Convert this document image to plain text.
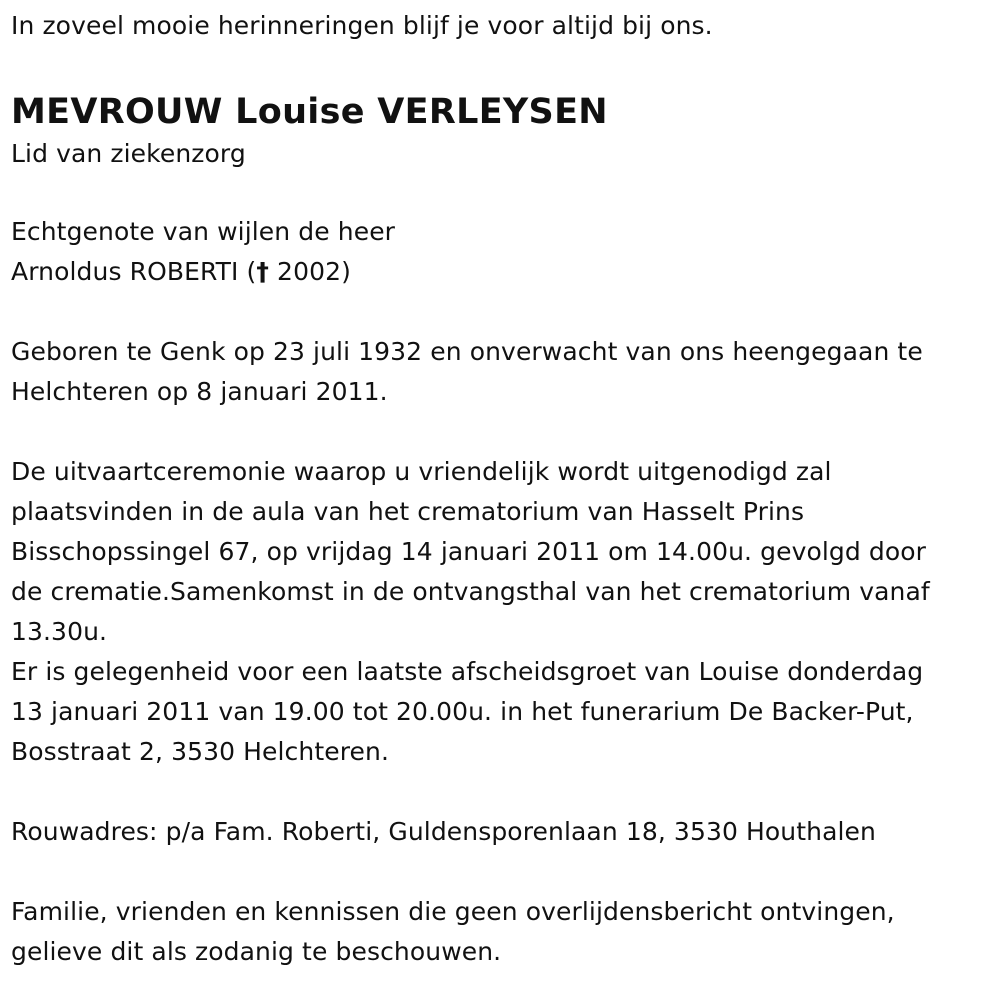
In zoveel mooie herinneringen blijf je voor altijd bij ons.
MEVROUW Louise VERLEYSEN
Lid van ziekenzorg
Echtgenote van wijlen de heer
Arnoldus ROBERTI († 2002)
Geboren te Genk op 23 juli 1932 en onverwacht van ons heengegaan te
Helchteren op 8 januari 2011.
De uitvaartceremonie waarop u vriendelijk wordt uitgenodigd zal
plaatsvinden in de aula van het crematorium van Hasselt Prins
Bisschopssingel 67, op vrijdag 14 januari 2011 om 14.00u. gevolgd door
de crematie.Samenkomst in de ontvangsthal van het crematorium vanaf
13.30u.
Er is gelegenheid voor een laatste afscheidsgroet van Louise donderdag
13 januari 2011 van 19.00 tot 20.00u. in het funerarium De Backer-Put,
Bosstraat 2, 3530 Helchteren.
Rouwadres: p/a Fam. Roberti, Guldensporenlaan 18, 3530 Houthalen
Familie, vrienden en kennissen die geen overlijdensbericht ontvingen,
gelieve dit als zodanig te beschouwen.
